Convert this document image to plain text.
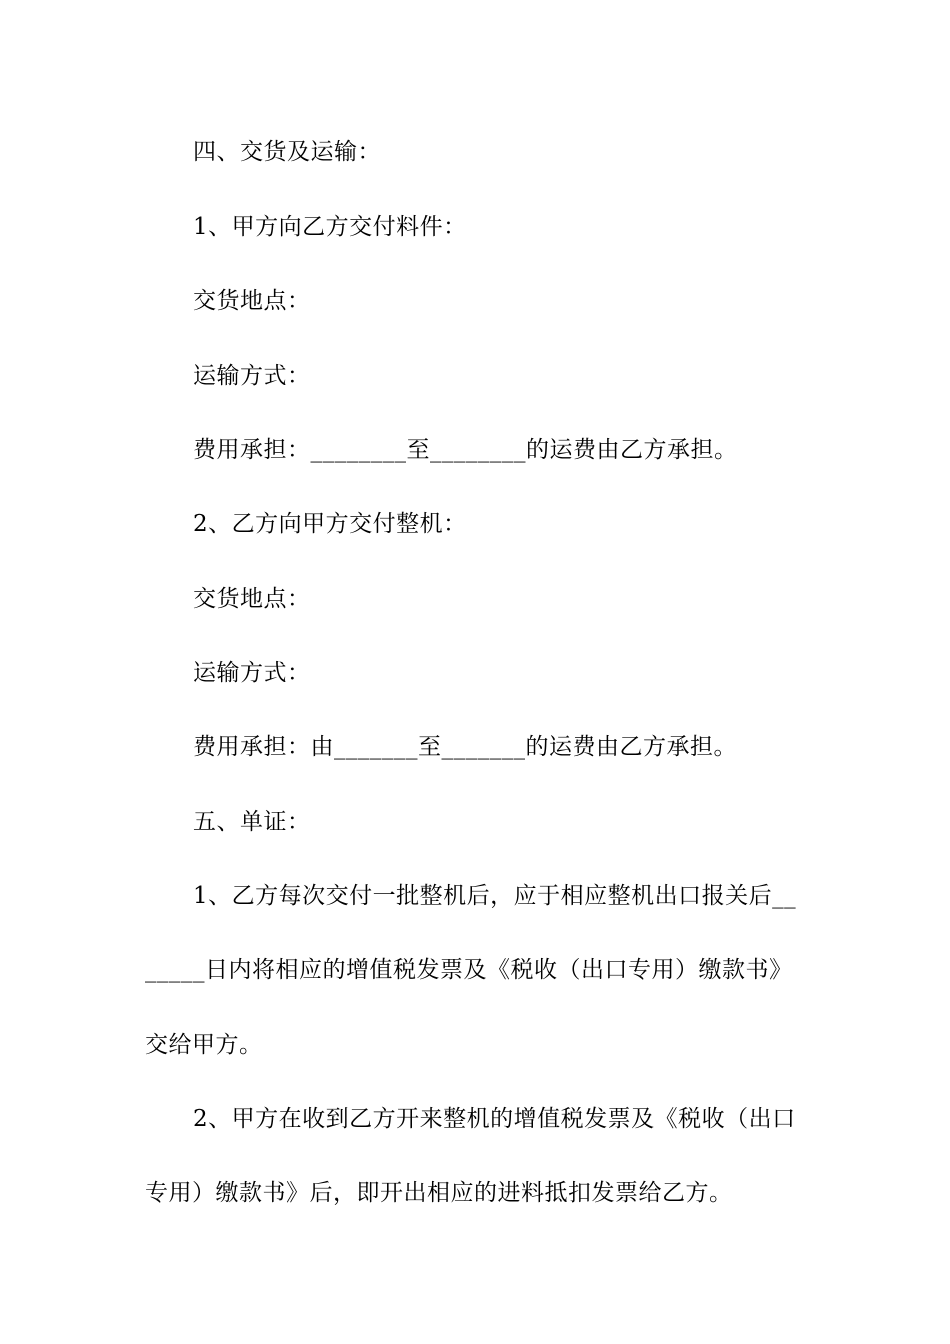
四、交货及运输：
1、甲方向乙方交付料件：
交货地点：
运输方式：
费用承担：________至________的运费由乙方承担。
2、乙方向甲方交付整机：
交货地点：
运输方式：
费用承担：由_______至_______的运费由乙方承担。
五、单证：
1、乙方每次交付一批整机后，应于相应整机出口报关后__
_____日内将相应的增值税发票及《税收（出口专用）缴款书》
交给甲方。
2、甲方在收到乙方开来整机的增值税发票及《税收（出口
专用）缴款书》后，即开出相应的进料抵扣发票给乙方。
